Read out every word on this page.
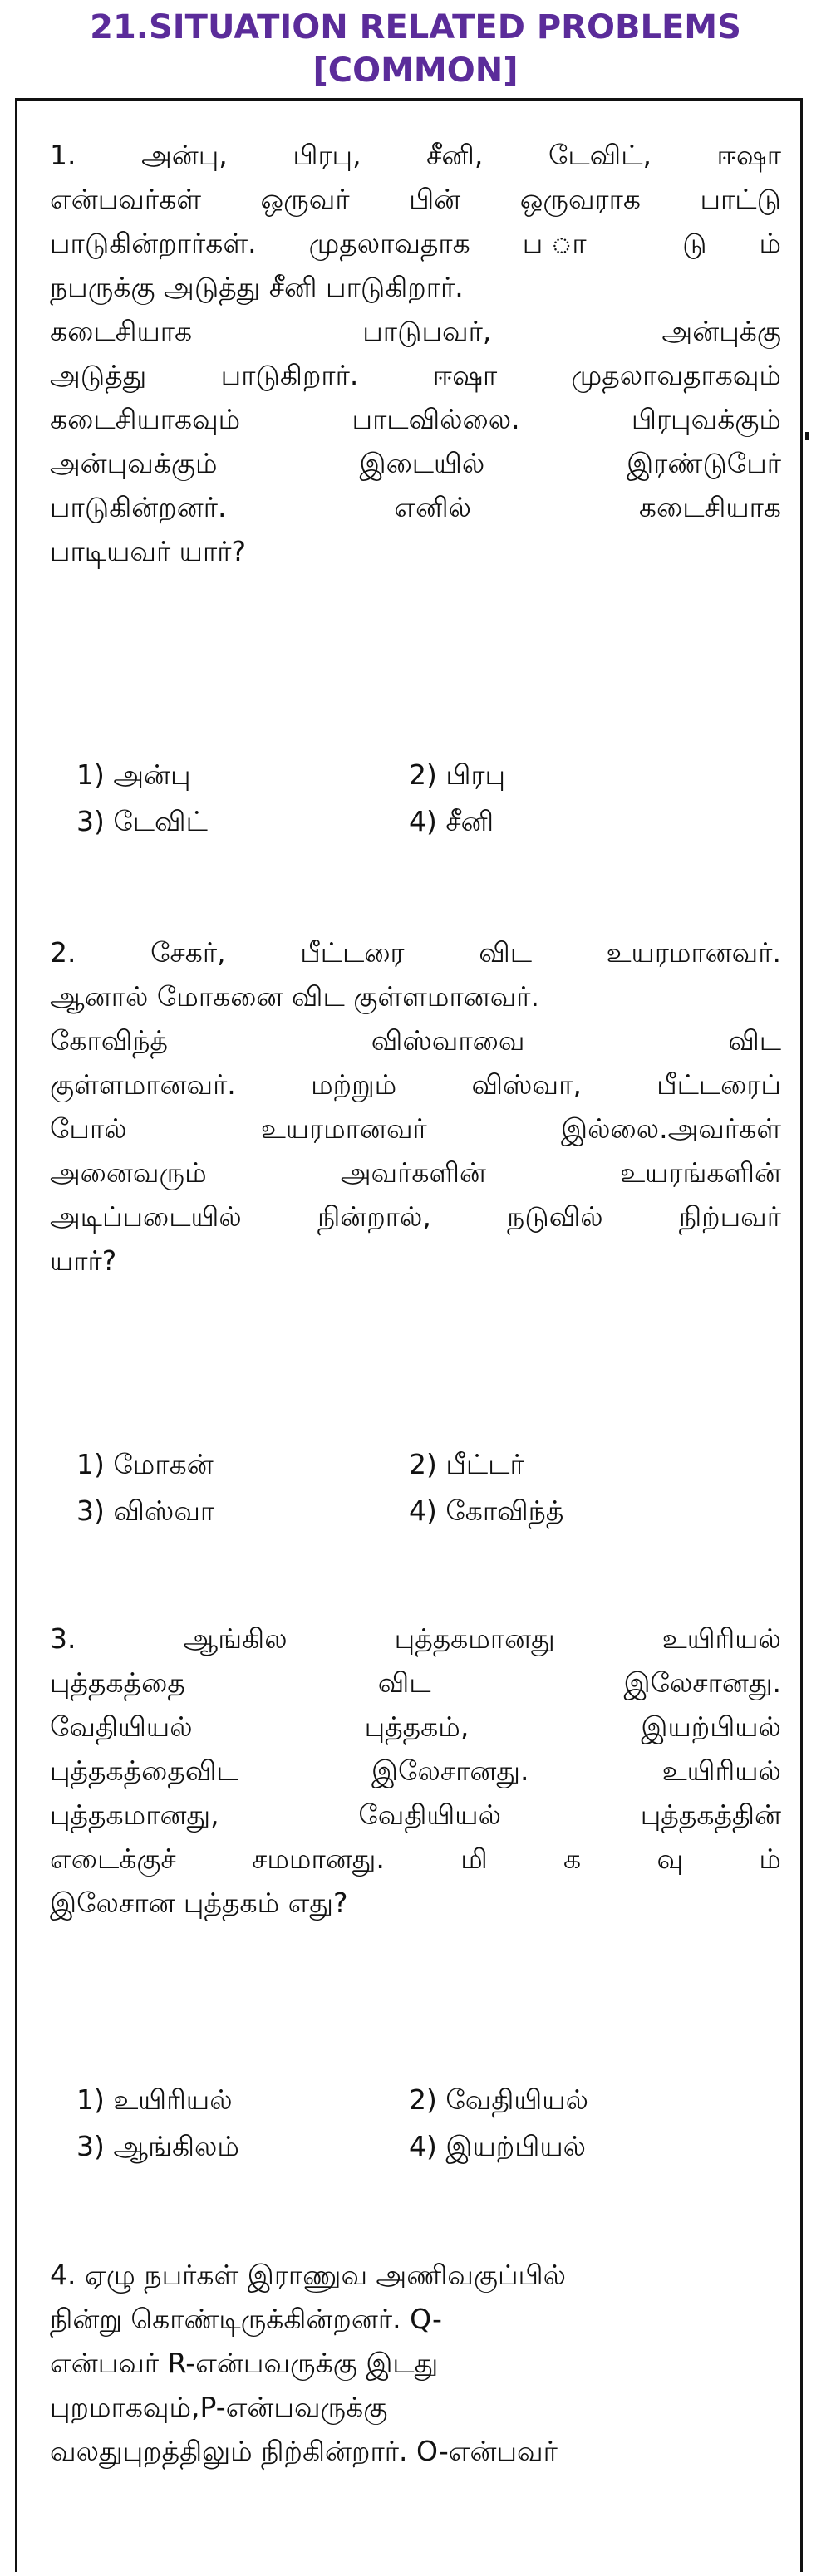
21.SITUATION RELATED PROBLEMS
[COMMON]
1. அன்பு, பிரபு, சீனி, டேவிட், ஈஷா
என்பவர்கள் ஒருவர் பின் ஒருவராக பாட்டு
பாடுகின்றார்கள். முதலாவதாக ப ா டு ம்
நபருக்கு அடுத்து சீனி பாடுகிறார்.
கடைசியாக பாடுபவர், அன்புக்கு
அடுத்து பாடுகிறார். ஈஷா முதலாவதாகவும்
கடைசியாகவும் பாடவில்லை. பிரபுவக்கும்
அன்புவக்கும் இடையில் இரண்டுபேர்
பாடுகின்றனர். எனில் கடைசியாக
பாடியவர் யார்?
1) அன்பு	2) பிரபு
3) டேவிட்	4) சீனி
2. சேகர், பீட்டரை விட உயரமானவர்.
ஆனால் மோகனை விட குள்ளமானவர்.
கோவிந்த் விஸ்வாவை விட
குள்ளமானவர். மற்றும் விஸ்வா, பீட்டரைப்
போல் உயரமானவர் இல்லை.அவர்கள்
அனைவரும் அவர்களின் உயரங்களின்
அடிப்படையில் நின்றால், நடுவில் நிற்பவர்
யார்?
1) மோகன்	2) பீட்டர்
3) விஸ்வா	4) கோவிந்த்
3. ஆங்கில புத்தகமானது உயிரியல்
புத்தகத்தை விட இலேசானது.
வேதியியல் புத்தகம், இயற்பியல்
புத்தகத்தைவிட இலேசானது. உயிரியல்
புத்தகமானது, வேதியியல் புத்தகத்தின்
எடைக்குச் சமமானது. மி க வு ம்
இலேசான புத்தகம் எது?
1) உயிரியல்	2) வேதியியல்
3) ஆங்கிலம்	4) இயற்பியல்
4. ஏழு நபர்கள் இராணுவ அணிவகுப்பில்
நின்று கொண்டிருக்கின்றனர். Q-
என்பவர் R-என்பவருக்கு இடது
புறமாகவும்,P-என்பவருக்கு
வலதுபுறத்திலும் நிற்கின்றார். O-என்பவர்
